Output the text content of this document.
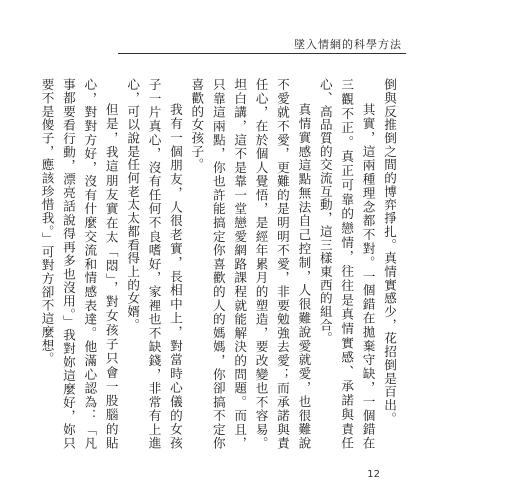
墜入情網的科學方法

倒與反推倒之間的博弈掙扎。真情實感少，花招倒是百出。

其實，這兩種理念都不對。一個錯在拋棄守缺，一個錯在三觀不正。真正可靠的戀情，往往是真情實感、承諾與責任心、高品質的交流互動，這三樣東西的組合。

真情實感這點無法自己控制，人很難說愛就愛，也很難說不愛就不愛，更難的是明明不愛，非要勉強去愛；而承諾與責任心，在於個人覺悟，是經年累月的塑造，要改變也不容易。坦白講，這不是靠一堂戀愛網路課程就能解決的問題。而且，只靠這兩點，你也許能搞定你喜歡的人的媽媽，你卻搞不定你喜歡的女孩子。

我有一個朋友，人很老實，長相中上，對當時心儀的女孩子一片真心，沒有任何不良嗜好，家裡也不缺錢，非常有上進心，可以說是任何老太太都看得上的女婿。

但是，我這朋友實在太「悶」，對女孩子只會一股腦的貼心，對對方好，沒有什麼交流和情感表達。他滿心認為：「凡事都要看行動，漂亮話說得再多也沒用。」我對妳這麼好，妳只要不是傻子，應該珍惜我。」可對方卻不這麼想。

12
